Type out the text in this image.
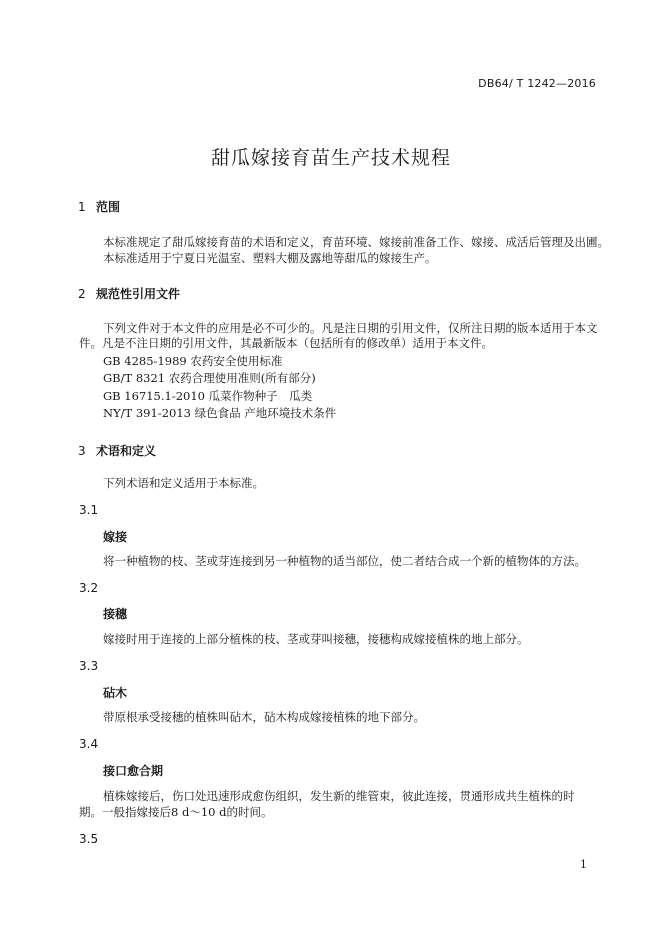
DB64/ T 1242—2016
甜瓜嫁接育苗生产技术规程
1 范围
本标准规定了甜瓜嫁接育苗的术语和定义，育苗环境、嫁接前准备工作、嫁接、成活后管理及出圃。
本标准适用于宁夏日光温室、塑料大棚及露地等甜瓜的嫁接生产。
2 规范性引用文件
下列文件对于本文件的应用是必不可少的。凡是注日期的引用文件，仅所注日期的版本适用于本文
件。凡是不注日期的引用文件，其最新版本（包括所有的修改单）适用于本文件。
GB 4285-1989 农药安全使用标准
GB/T 8321 农药合理使用准则(所有部分)
GB 16715.1-2010 瓜菜作物种子　瓜类
NY/T 391-2013 绿色食品 产地环境技术条件
3 术语和定义
下列术语和定义适用于本标准。
3.1
嫁接
将一种植物的枝、茎或芽连接到另一种植物的适当部位，使二者结合成一个新的植物体的方法。
3.2
接穗
嫁接时用于连接的上部分植株的枝、茎或芽叫接穗，接穗构成嫁接植株的地上部分。
3.3
砧木
带原根承受接穗的植株叫砧木，砧木构成嫁接植株的地下部分。
3.4
接口愈合期
植株嫁接后，伤口处迅速形成愈伤组织，发生新的维管束，彼此连接，贯通形成共生植株的时
期。一般指嫁接后8 d～10 d的时间。
3.5
1
